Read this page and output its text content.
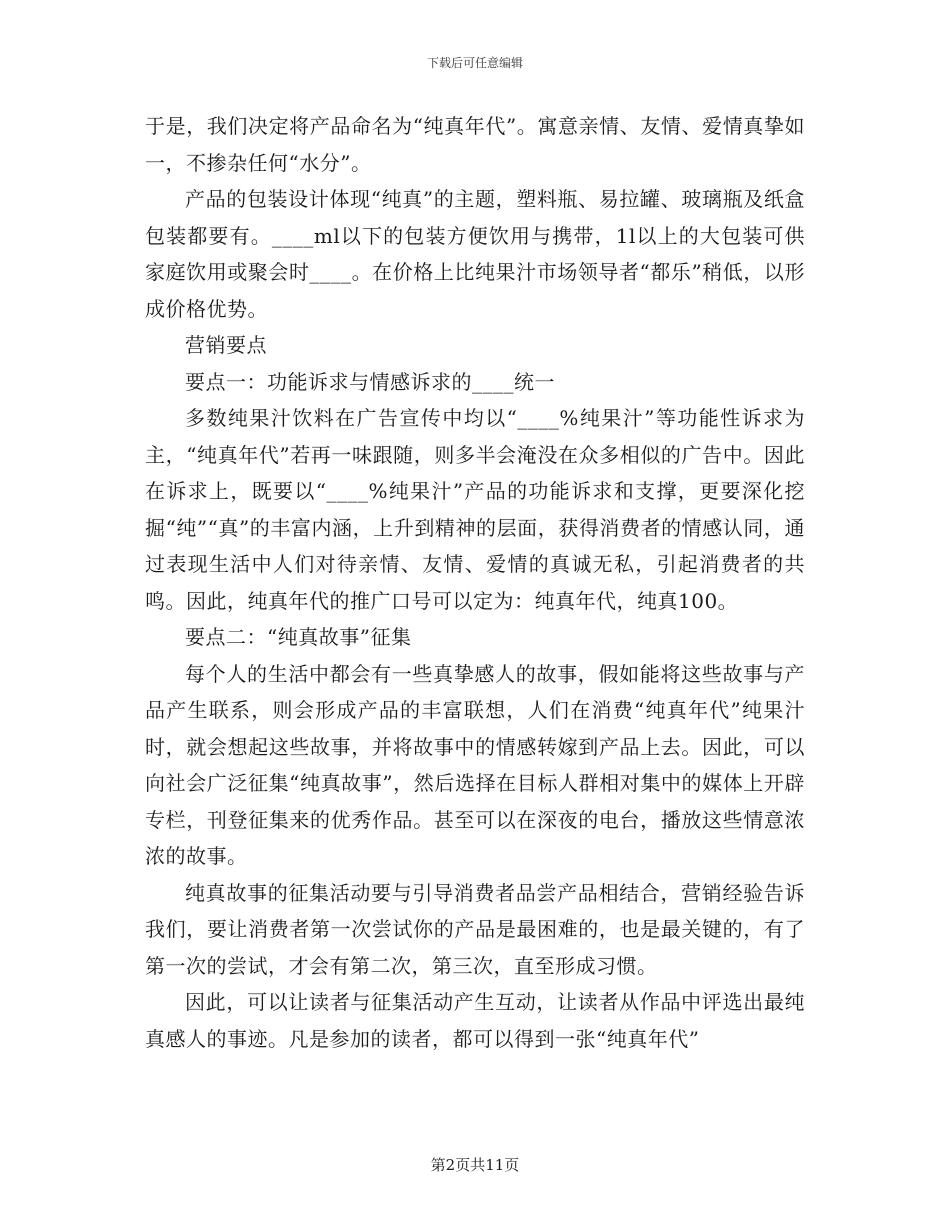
下载后可任意编辑

于是，我们决定将产品命名为“纯真年代”。寓意亲情、友情、爱情真挚如一，不掺杂任何“水分”。

产品的包装设计体现“纯真”的主题，塑料瓶、易拉罐、玻璃瓶及纸盒包装都要有。____ml以下的包装方便饮用与携带，1l以上的大包装可供家庭饮用或聚会时____。在价格上比纯果汁市场领导者“都乐”稍低，以形成价格优势。

营销要点

要点一：功能诉求与情感诉求的____统一

多数纯果汁饮料在广告宣传中均以“____%纯果汁”等功能性诉求为主，“纯真年代”若再一味跟随，则多半会淹没在众多相似的广告中。因此在诉求上，既要以“____%纯果汁”产品的功能诉求和支撑，更要深化挖掘“纯”“真”的丰富内涵，上升到精神的层面，获得消费者的情感认同，通过表现生活中人们对待亲情、友情、爱情的真诚无私，引起消费者的共鸣。因此，纯真年代的推广口号可以定为：纯真年代，纯真100。

要点二：“纯真故事”征集

每个人的生活中都会有一些真挚感人的故事，假如能将这些故事与产品产生联系，则会形成产品的丰富联想，人们在消费“纯真年代”纯果汁时，就会想起这些故事，并将故事中的情感转嫁到产品上去。因此，可以向社会广泛征集“纯真故事”，然后选择在目标人群相对集中的媒体上开辟专栏，刊登征集来的优秀作品。甚至可以在深夜的电台，播放这些情意浓浓的故事。

纯真故事的征集活动要与引导消费者品尝产品相结合，营销经验告诉我们，要让消费者第一次尝试你的产品是最困难的，也是最关键的，有了第一次的尝试，才会有第二次，第三次，直至形成习惯。

因此，可以让读者与征集活动产生互动，让读者从作品中评选出最纯真感人的事迹。凡是参加的读者，都可以得到一张“纯真年代”

第2页共11页
